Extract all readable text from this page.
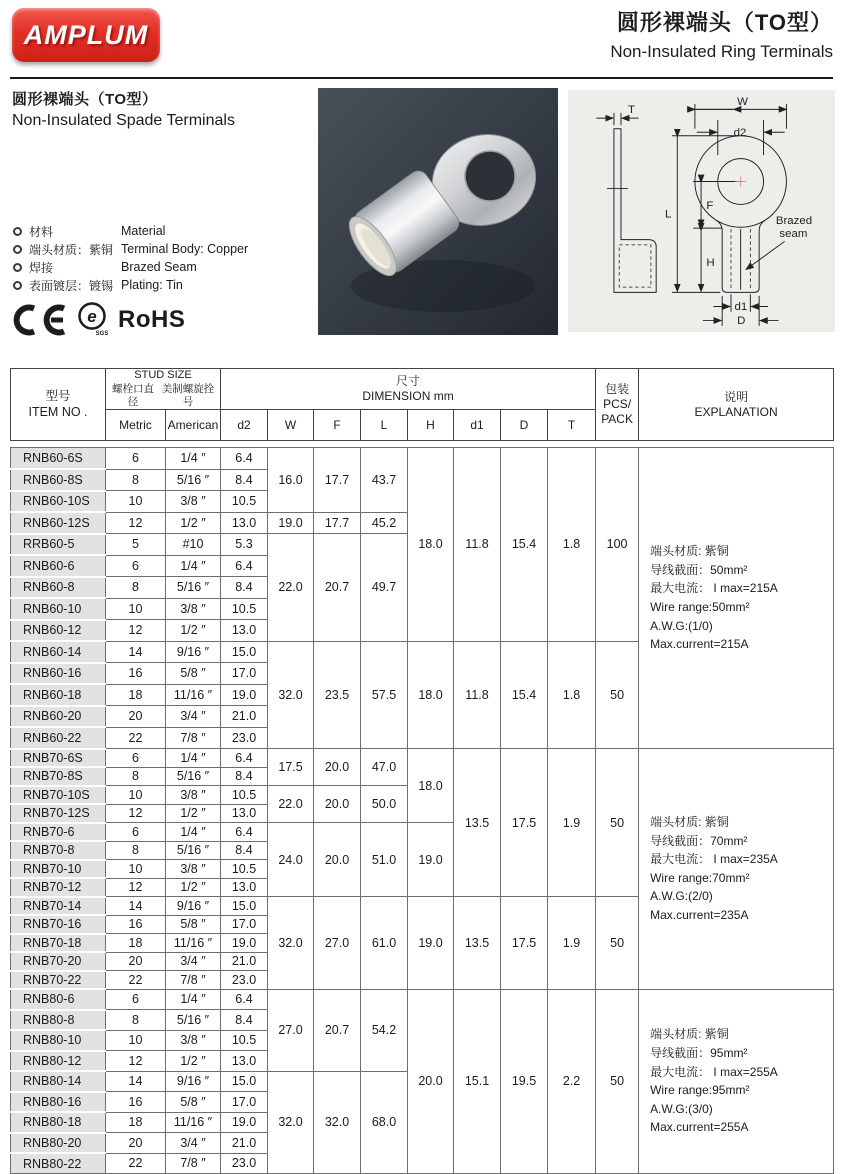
AMPLUM	圆形裸端头（TO型）
Non-Insulated Ring Terminals
圆形裸端头（TO型）
Non-Insulated Spade Terminals
材料	Material
端头材质：紫铜 Terminal Body: Copper
焊接	Brazed Seam
表面镀层：镀锡 Plating: Tin
e
SGS
RoHS
T
W
d2
L
F
H
d1
D
Brazed
seam
型号
ITEM NO .

STUD SIZE
螺栓口直径
美制螺旋拴号

尺寸
DIMENSION mm	包装
PCS/
PACK

说明
EXPLANATION

	Metric	American	d2	W	F	L	H	d1	D	T		

RNB60-6S	6	1/4 ″	6.4	16.0	17.7	43.7	18.0	11.8	15.4	1.8	100	端头材质: 紫铜
导线截面：50mm²
最大电流： I max=215A
Wire range:50mm²
A.W.G:(1/0)
Max.current=215A

RNB60-8S	8	5/16 ″	8.4									
RNB60-10S	10	3/8 ″	10.5									
RNB60-12S	12	1/2 ″	13.0	19.0	17.7	45.2						
RRB60-5	5	#10	5.3	22.0	20.7	49.7						
RNB60-6	6	1/4 ″	6.4									
RNB60-8	8	5/16 ″	8.4									
RNB60-10	10	3/8 ″	10.5									
RNB60-12	12	1/2 ″	13.0									
RNB60-14	14	9/16 ″	15.0	32.0	23.5	57.5	18.0	11.8	15.4	1.8	50	
RNB60-16	16	5/8 ″	17.0									
RNB60-18	18	11/16 ″	19.0									
RNB60-20	20	3/4 ″	21.0									
RNB60-22	22	7/8 ″	23.0									
RNB70-6S	6	1/4 ″	6.4	17.5	20.0	47.0	18.0	13.5	17.5	1.9	50	端头材质: 紫铜
导线截面：70mm²
最大电流： I max=235A
Wire range:70mm²
A.W.G:(2/0)
Max.current=235A

RNB70-8S	8	5/16 ″	8.4									
RNB70-10S	10	3/8 ″	10.5	22.0	20.0	50.0						
RNB70-12S	12	1/2 ″	13.0									
RNB70-6	6	1/4 ″	6.4	24.0	20.0	51.0	19.0					
RNB70-8	8	5/16 ″	8.4									
RNB70-10	10	3/8 ″	10.5									
RNB70-12	12	1/2 ″	13.0									
RNB70-14	14	9/16 ″	15.0	32.0	27.0	61.0	19.0	13.5	17.5	1.9	50	
RNB70-16	16	5/8 ″	17.0									
RNB70-18	18	11/16 ″	19.0									
RNB70-20	20	3/4 ″	21.0									
RNB70-22	22	7/8 ″	23.0									
RNB80-6	6	1/4 ″	6.4	27.0	20.7	54.2	20.0	15.1	19.5	2.2	50	
端头材质: 紫铜
导线截面：95mm²
最大电流： I max=255A
Wire range:95mm²
A.W.G:(3/0)
Max.current=255A

RNB80-8	8	5/16 ″	8.4									
RNB80-10	10	3/8 ″	10.5									
RNB80-12	12	1/2 ″	13.0									
RNB80-14	14	9/16 ″	15.0	32.0	32.0	68.0						
RNB80-16	16	5/8 ″	17.0									
RNB80-18	18	11/16 ″	19.0									
RNB80-20	20	3/4 ″	21.0									
RNB80-22	22	7/8 ″	23.0									
